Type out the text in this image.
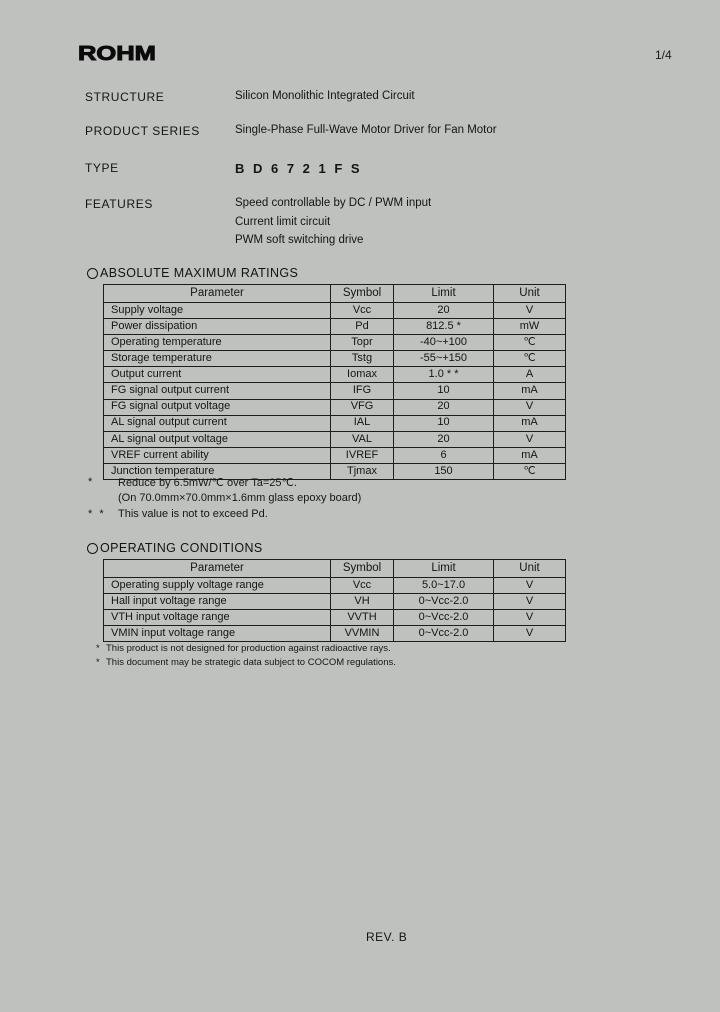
ROHM	1/4
STRUCTURE	Silicon Monolithic Integrated Circuit
PRODUCT SERIES	Single-Phase Full-Wave Motor Driver for Fan Motor
TYPE	B D 6 7 2 1 F S
FEATURES	Speed controllable by DC / PWM input
Current limit circuit
PWM soft switching drive
ABSOLUTE MAXIMUM RATINGS
Parameter	Symbol	Limit	Unit
Supply voltage	Vcc	20	V
Power dissipation	Pd	812.5 *	mW
Operating temperature	Topr	-40~+100	℃
Storage temperature	Tstg	-55~+150	℃
Output current	Iomax	1.0 * *	A
FG signal output current	IFG	10	mA
FG signal output voltage	VFG	20	V
AL signal output current	IAL	10	mA
AL signal output voltage	VAL	20	V
VREF current ability	IVREF	6	mA
Junction temperature	Tjmax	150	℃
*	Reduce by 6.5mW/℃ over Ta=25℃.
(On 70.0mm×70.0mm×1.6mm glass epoxy board)
* *	This value is not to exceed Pd.
OPERATING CONDITIONS
Parameter	Symbol	Limit	Unit
Operating supply voltage range	Vcc	5.0~17.0	V
Hall input voltage range	VH	0~Vcc-2.0	V
VTH input voltage range	VVTH	0~Vcc-2.0	V
VMIN input voltage range	VVMIN	0~Vcc-2.0	V
* This product is not designed for production against radioactive rays.
* This document may be strategic data subject to COCOM regulations.
REV. B
